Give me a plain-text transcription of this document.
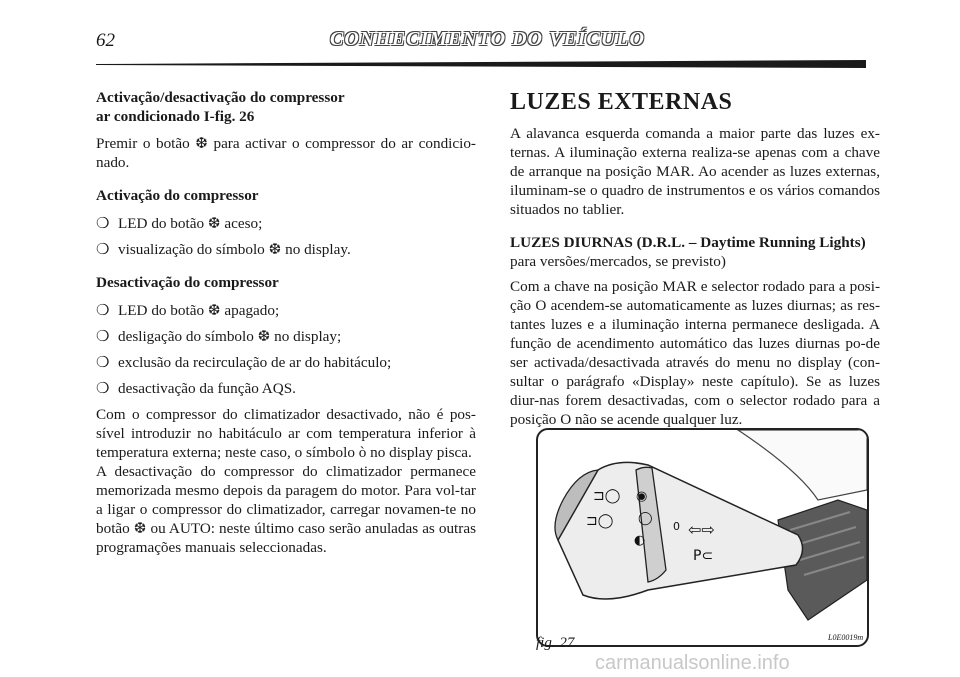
62	CONHECIMENTO DO VEÍCULO

Activação/desactivação do compressor
ar condicionado I-fig. 26

Premir o botão ❆ para activar o compressor do ar condicio-nado.

Activação do compressor

❍ LED do botão ❆ aceso;
❍ visualização do símbolo ❆ no display.

Desactivação do compressor

❍ LED do botão ❆ apagado;
❍ desligação do símbolo ❆ no display;
❍ exclusão da recirculação de ar do habitáculo;
❍ desactivação da função AQS.

Com o compressor do climatizador desactivado, não é pos-sível introduzir no habitáculo ar com temperatura inferior à temperatura externa; neste caso, o símbolo ò no display pisca.

A desactivação do compressor do climatizador permanece memorizada mesmo depois da paragem do motor. Para vol-tar a ligar o compressor do climatizador, carregar novamen-te no botão ❆ ou AUTO: neste último caso serão anuladas as outras programações manuais seleccionadas.

LUZES EXTERNAS

A alavanca esquerda comanda a maior parte das luzes ex-ternas. A iluminação externa realiza-se apenas com a chave de arranque na posição MAR. Ao acender as luzes externas, iluminam-se o quadro de instrumentos e os vários comandos situados no tablier.

LUZES DIURNAS (D.R.L. – Daytime Running Lights)
para versões/mercados, se previsto)

Com a chave na posição MAR e selector rodado para a posi-ção O acendem-se automaticamente as luzes diurnas; as res-tantes luzes e a iluminação interna permanece desligada. A função de acendimento automático das luzes diurnas po-de ser activada/desactivada através do menu no display (con-sultar o parágrafo «Display» neste capítulo). Se as luzes diur-nas forem desactivadas, com o selector rodado para a posição O não se acende qualquer luz.

⊐◯
⊐◯
◉
◯
◐
0 ⇦⇨
P⊂
fig. 27	L0E0019m
carmanualsonline.info
